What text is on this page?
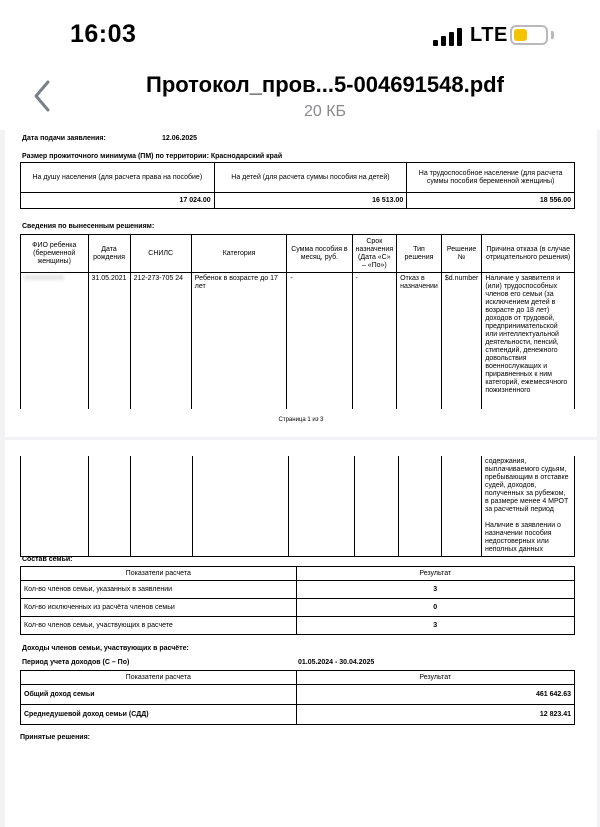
16:03	LTE
Протокол_пров...5-004691548.pdf
20 КБ
Дата подачи заявления:	12.06.2025
Размер прожиточного минимума (ПМ) по территории: Краснодарский край
На душу населения (для расчета права на пособие)	На детей (для расчета суммы пособия на детей)	На трудоспособное население (для расчета суммы пособия беременной женщины)
17 024.00	16 513.00	18 556.00
Сведения по вынесенным решениям:
ФИО ребенка (беременной женщины)	Дата рождения	СНИЛС	Категория	Сумма пособия в месяц, руб.	Срок назначения (Дата «С» – «По»)	Тип решения	Решение №	Причина отказа (в случае отрицательного решения)
	31.05.2021	212-273-705 24	Ребенок в возрасте до 17 лет	-	-	Отказ в назначении	$d.number	Наличие у заявителя и (или) трудоспособных членов его семьи (за исключением детей в возрасте до 18 лет) доходов от трудовой, предпринимательской или интеллектуальной деятельности, пенсий, стипендий, денежного довольствия военнослужащих и приравненных к ним категорий, ежемесячного пожизненного
Страница 1 из 3

содержания, выплачиваемого судьям, пребывающим в отставке судей, доходов, полученных за рубежом, в размере менее 4 МРОТ за расчетный период
Наличие в заявлении о назначении пособия недостоверных или неполных данных
Состав семьи:
Показатели расчета	Результат
Кол-во членов семьи, указанных в заявлении	3
Кол-во исключенных из расчёта членов семьи	0
Кол-во членов семьи, участвующих в расчете	3
Доходы членов семьи, участвующих в расчёте:
Период учета доходов (С – По)	01.05.2024 - 30.04.2025
Показатели расчета	Результат
Общий доход семьи	461 642.63
Среднедушевой доход семьи (СДД)	12 823.41
Принятые решения:
